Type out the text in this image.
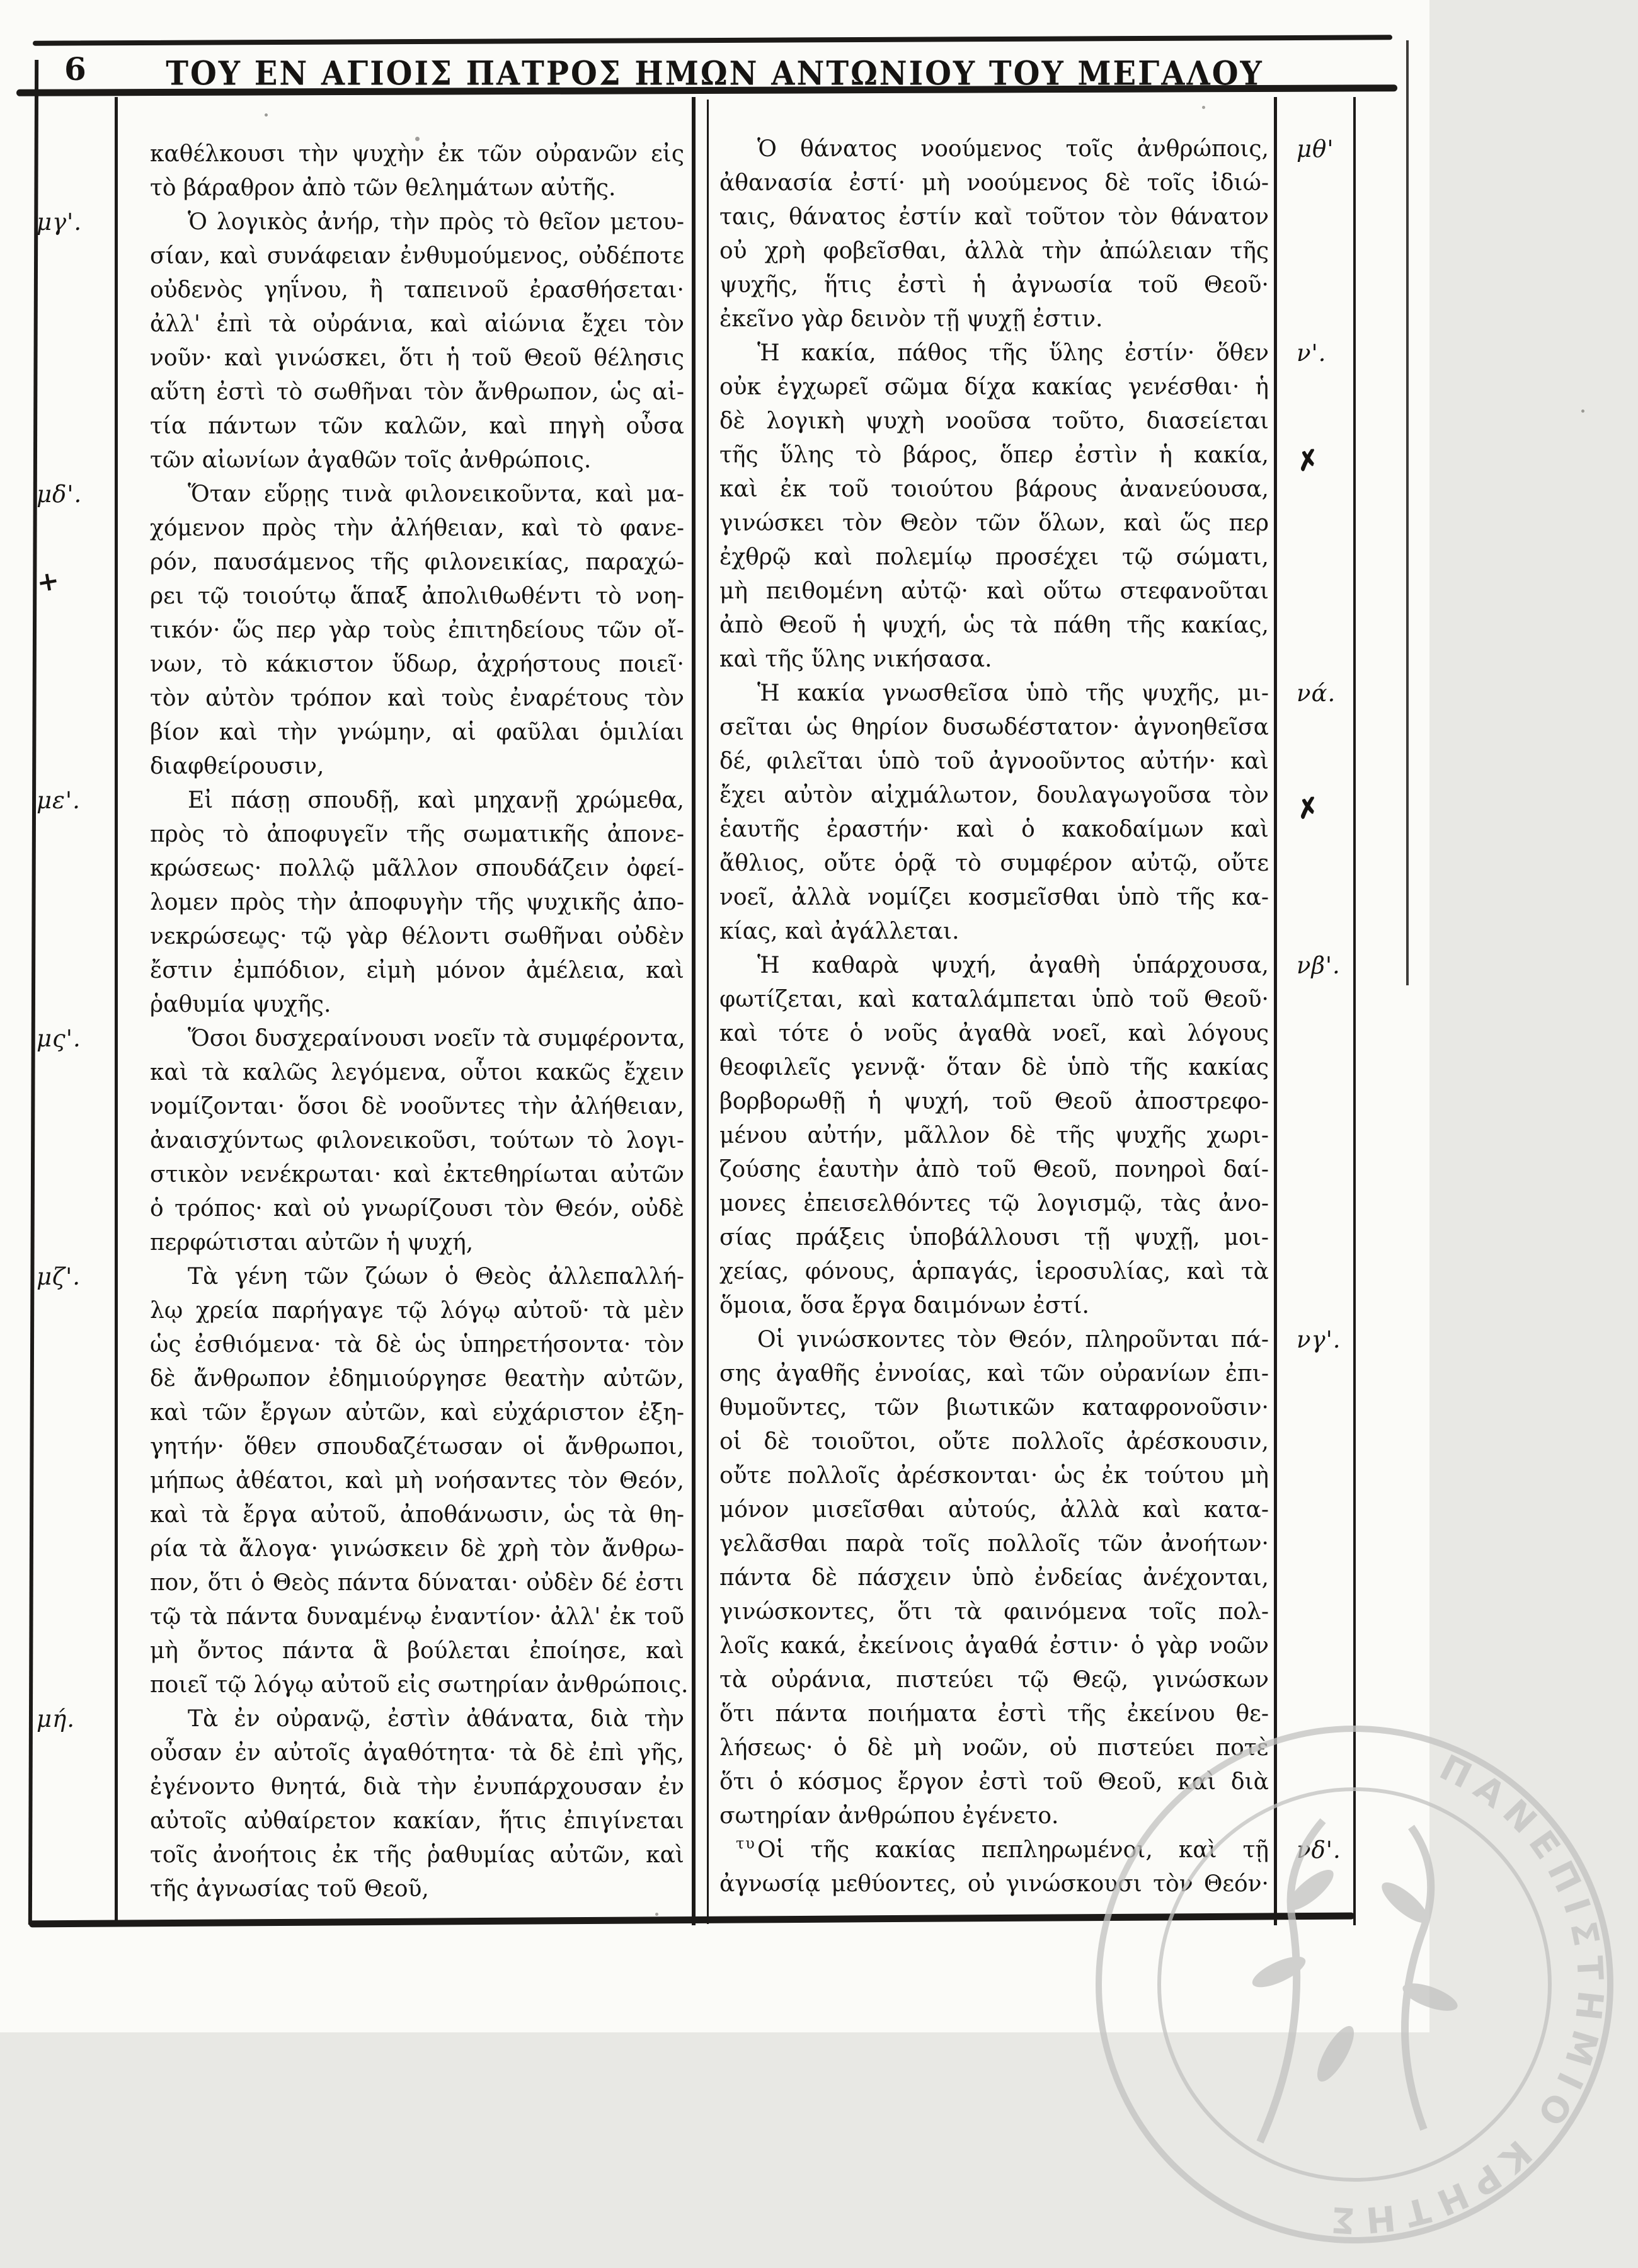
6	ΤΟΥ ΕΝ ΑΓΙΟΙΣ ΠΑΤΡΟΣ ΗΜΩΝ ΑΝΤΩΝΙΟΥ ΤΟΥ ΜΕΓΑΛΟΥ
καθέλκουσι τὴν ψυχὴν ἐκ τῶν οὐρανῶν εἰς
τὸ βάραθρον ἀπὸ τῶν θελημάτων αὐτῆς.
Ὁ λογικὸς ἀνήρ, τὴν πρὸς τὸ θεῖον μετου-
σίαν, καὶ συνάφειαν ἐνθυμούμενος, οὐδέποτε
οὐδενὸς γηΐνου, ἢ ταπεινοῦ ἐρασθήσεται·
ἀλλ' ἐπὶ τὰ οὐράνια, καὶ αἰώνια ἔχει τὸν
νοῦν· καὶ γινώσκει, ὅτι ἡ τοῦ Θεοῦ θέλησις
αὕτη ἐστὶ τὸ σωθῆναι τὸν ἄνθρωπον, ὡς αἰ-
τία πάντων τῶν καλῶν, καὶ πηγὴ οὖσα
τῶν αἰωνίων ἀγαθῶν τοῖς ἀνθρώποις.
Ὅταν εὕρῃς τινὰ φιλονεικοῦντα, καὶ μα-
χόμενον πρὸς τὴν ἀλήθειαν, καὶ τὸ φανε-
ρόν, παυσάμενος τῆς φιλονεικίας, παραχώ-
ρει τῷ τοιούτῳ ἅπαξ ἀπολιθωθέντι τὸ νοη-
τικόν· ὥς περ γὰρ τοὺς ἐπιτηδείους τῶν οἴ-
νων, τὸ κάκιστον ὕδωρ, ἀχρήστους ποιεῖ·
τὸν αὐτὸν τρόπον καὶ τοὺς ἐναρέτους τὸν
βίον καὶ τὴν γνώμην, αἱ φαῦλαι ὁμιλίαι
διαφθείρουσιν,
Εἰ πάσῃ σπουδῇ, καὶ μηχανῇ χρώμεθα,
πρὸς τὸ ἀποφυγεῖν τῆς σωματικῆς ἀπονε-
κρώσεως· πολλῷ μᾶλλον σπουδάζειν ὀφεί-
λομεν πρὸς τὴν ἀποφυγὴν τῆς ψυχικῆς ἀπο-
νεκρώσεως· τῷ γὰρ θέλοντι σωθῆναι οὐδὲν
ἔστιν ἐμπόδιον, εἰμὴ μόνον ἀμέλεια, καὶ
ῥαθυμία ψυχῆς.
Ὅσοι δυσχεραίνουσι νοεῖν τὰ συμφέροντα,
καὶ τὰ καλῶς λεγόμενα, οὗτοι κακῶς ἔχειν
νομίζονται· ὅσοι δὲ νοοῦντες τὴν ἀλήθειαν,
ἀναισχύντως φιλονεικοῦσι, τούτων τὸ λογι-
στικὸν νενέκρωται· καὶ ἐκτεθηρίωται αὐτῶν
ὁ τρόπος· καὶ οὐ γνωρίζουσι τὸν Θεόν, οὐδὲ
περφώτισται αὐτῶν ἡ ψυχή,
Τὰ γένη τῶν ζώων ὁ Θεὸς ἀλλεπαλλή-
λῳ χρεία παρήγαγε τῷ λόγῳ αὐτοῦ· τὰ μὲν
ὡς ἐσθιόμενα· τὰ δὲ ὡς ὑπηρετήσοντα· τὸν
δὲ ἄνθρωπον ἐδημιούργησε θεατὴν αὐτῶν,
καὶ τῶν ἔργων αὐτῶν, καὶ εὐχάριστον ἐξη-
γητήν· ὅθεν σπουδαζέτωσαν οἱ ἄνθρωποι,
μήπως ἀθέατοι, καὶ μὴ νοήσαντες τὸν Θεόν,
καὶ τὰ ἔργα αὐτοῦ, ἀποθάνωσιν, ὡς τὰ θη-
ρία τὰ ἄλογα· γινώσκειν δὲ χρὴ τὸν ἄνθρω-
πον, ὅτι ὁ Θεὸς πάντα δύναται· οὐδὲν δέ ἐστι
τῷ τὰ πάντα δυναμένῳ ἐναντίον· ἀλλ' ἐκ τοῦ
μὴ ὄντος πάντα ἃ βούλεται ἐποίησε, καὶ
ποιεῖ τῷ λόγῳ αὐτοῦ εἰς σωτηρίαν ἀνθρώποις.
Τὰ ἐν οὐρανῷ, ἐστὶν ἀθάνατα, διὰ τὴν
οὖσαν ἐν αὐτοῖς ἀγαθότητα· τὰ δὲ ἐπὶ γῆς,
ἐγένοντο θνητά, διὰ τὴν ἐνυπάρχουσαν ἐν
αὐτοῖς αὐθαίρετον κακίαν, ἥτις ἐπιγίνεται
τοῖς ἀνοήτοις ἐκ τῆς ῥαθυμίας αὐτῶν, καὶ
τῆς ἀγνωσίας τοῦ Θεοῦ,
Ὁ θάνατος νοούμενος τοῖς ἀνθρώποις,
ἀθανασία ἐστί· μὴ νοούμενος δὲ τοῖς ἰδιώ-
ταις, θάνατος ἐστίν καὶ τοῦτον τὸν θάνατον
οὐ χρὴ φοβεῖσθαι, ἀλλὰ τὴν ἀπώλειαν τῆς
ψυχῆς, ἥτις ἐστὶ ἡ ἀγνωσία τοῦ Θεοῦ·
ἐκεῖνο γὰρ δεινὸν τῇ ψυχῇ ἐστιν.
Ἡ κακία, πάθος τῆς ὕλης ἐστίν· ὅθεν
οὐκ ἐγχωρεῖ σῶμα δίχα κακίας γενέσθαι· ἡ
δὲ λογικὴ ψυχὴ νοοῦσα τοῦτο, διασείεται
τῆς ὕλης τὸ βάρος, ὅπερ ἐστὶν ἡ κακία,
καὶ ἐκ τοῦ τοιούτου βάρους ἀνανεύουσα,
γινώσκει τὸν Θεὸν τῶν ὅλων, καὶ ὥς περ
ἐχθρῷ καὶ πολεμίῳ προσέχει τῷ σώματι,
μὴ πειθομένη αὐτῷ· καὶ οὕτω στεφανοῦται
ἀπὸ Θεοῦ ἡ ψυχή, ὡς τὰ πάθη τῆς κακίας,
καὶ τῆς ὕλης νικήσασα.
Ἡ κακία γνωσθεῖσα ὑπὸ τῆς ψυχῆς, μι-
σεῖται ὡς θηρίον δυσωδέστατον· ἀγνοηθεῖσα
δέ, φιλεῖται ὑπὸ τοῦ ἀγνοοῦντος αὐτήν· καὶ
ἔχει αὐτὸν αἰχμάλωτον, δουλαγωγοῦσα τὸν
ἑαυτῆς ἐραστήν· καὶ ὁ κακοδαίμων καὶ
ἄθλιος, οὔτε ὁρᾷ τὸ συμφέρον αὐτῷ, οὔτε
νοεῖ, ἀλλὰ νομίζει κοσμεῖσθαι ὑπὸ τῆς κα-
κίας, καὶ ἀγάλλεται.
Ἡ καθαρὰ ψυχή, ἀγαθὴ ὑπάρχουσα,
φωτίζεται, καὶ καταλάμπεται ὑπὸ τοῦ Θεοῦ·
καὶ τότε ὁ νοῦς ἀγαθὰ νοεῖ, καὶ λόγους
θεοφιλεῖς γεννᾷ· ὅταν δὲ ὑπὸ τῆς κακίας
βορβορωθῇ ἡ ψυχή, τοῦ Θεοῦ ἀποστρεφο-
μένου αὐτήν, μᾶλλον δὲ τῆς ψυχῆς χωρι-
ζούσης ἑαυτὴν ἀπὸ τοῦ Θεοῦ, πονηροὶ δαί-
μονες ἐπεισελθόντες τῷ λογισμῷ, τὰς ἀνο-
σίας πράξεις ὑποβάλλουσι τῇ ψυχῇ, μοι-
χείας, φόνους, ἁρπαγάς, ἱεροσυλίας, καὶ τὰ
ὅμοια, ὅσα ἔργα δαιμόνων ἐστί.
Οἱ γινώσκοντες τὸν Θεόν, πληροῦνται πά-
σης ἀγαθῆς ἐννοίας, καὶ τῶν οὐρανίων ἐπι-
θυμοῦντες, τῶν βιωτικῶν καταφρονοῦσιν·
οἱ δὲ τοιοῦτοι, οὔτε πολλοῖς ἀρέσκουσιν,
οὔτε πολλοῖς ἀρέσκονται· ὡς ἐκ τούτου μὴ
μόνον μισεῖσθαι αὐτούς, ἀλλὰ καὶ κατα-
γελᾶσθαι παρὰ τοῖς πολλοῖς τῶν ἀνοήτων·
πάντα δὲ πάσχειν ὑπὸ ἐνδείας ἀνέχονται,
γινώσκοντες, ὅτι τὰ φαινόμενα τοῖς πολ-
λοῖς κακά, ἐκείνοις ἀγαθά ἐστιν· ὁ γὰρ νοῶν
τὰ οὐράνια, πιστεύει τῷ Θεῷ, γινώσκων
ὅτι πάντα ποιήματα ἐστὶ τῆς ἐκείνου θε-
λήσεως· ὁ δὲ μὴ νοῶν, οὐ πιστεύει ποτὲ
ὅτι ὁ κόσμος ἔργον ἐστὶ τοῦ Θεοῦ, καὶ διὰ
σωτηρίαν ἀνθρώπου ἐγένετο.
Οἱ τῆς κακίας πεπληρωμένοι, καὶ τῇ
ἀγνωσίᾳ μεθύοντες, οὐ γινώσκουσι τὸν Θεόν·
μγ'.
μδ'.
+
με'.
μς'.
μζ'.
μή.
μθ'
ν'.
✗
νά.
✗
νβ'.
νγ'.
νδ'.
τυ
ΠΑΝΕΠΙΣΤΗΜΙΟ ΚΡΗΤΗΣ
